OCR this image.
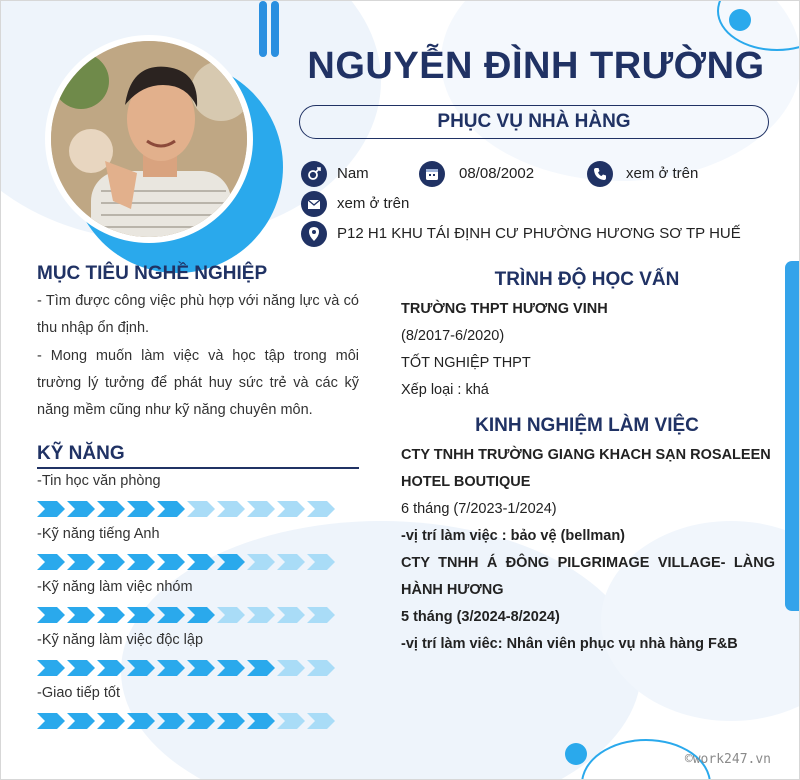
NGUYỄN ĐÌNH TRƯỜNG
PHỤC VỤ NHÀ HÀNG
Nam	08/08/2002	xem ở trên
xem ở trên
P12 H1 KHU TÁI ĐỊNH CƯ PHƯỜNG HƯƠNG SƠ TP HUẾ
MỤC TIÊU NGHỀ NGHIỆP
- Tìm được công việc phù hợp với năng lực và có thu nhập ổn định.
- Mong muốn làm việc và học tập trong môi trường lý tưởng để phát huy sức trẻ và các kỹ năng mềm cũng như kỹ năng chuyên môn.
KỸ NĂNG
-Tin học văn phòng
-Kỹ năng tiếng Anh
-Kỹ năng làm việc nhóm
-Kỹ năng làm việc độc lập
-Giao tiếp tốt
TRÌNH ĐỘ HỌC VẤN
TRƯỜNG THPT HƯƠNG VINH
(8/2017-6/2020)
TỐT NGHIỆP THPT
Xếp loại : khá
KINH NGHIỆM LÀM VIỆC
CTY TNHH TRƯỜNG GIANG KHACH SẠN ROSALEEN
HOTEL BOUTIQUE
6 tháng (7/2023-1/2024)
-vị trí làm việc : bảo vệ (bellman)
CTY TNHH Á ĐÔNG PILGRIMAGE VILLAGE- LÀNG
HÀNH HƯƠNG
5 tháng (3/2024-8/2024)
-vị trí làm viêc: Nhân viên phục vụ nhà hàng F&B
©work247.vn
